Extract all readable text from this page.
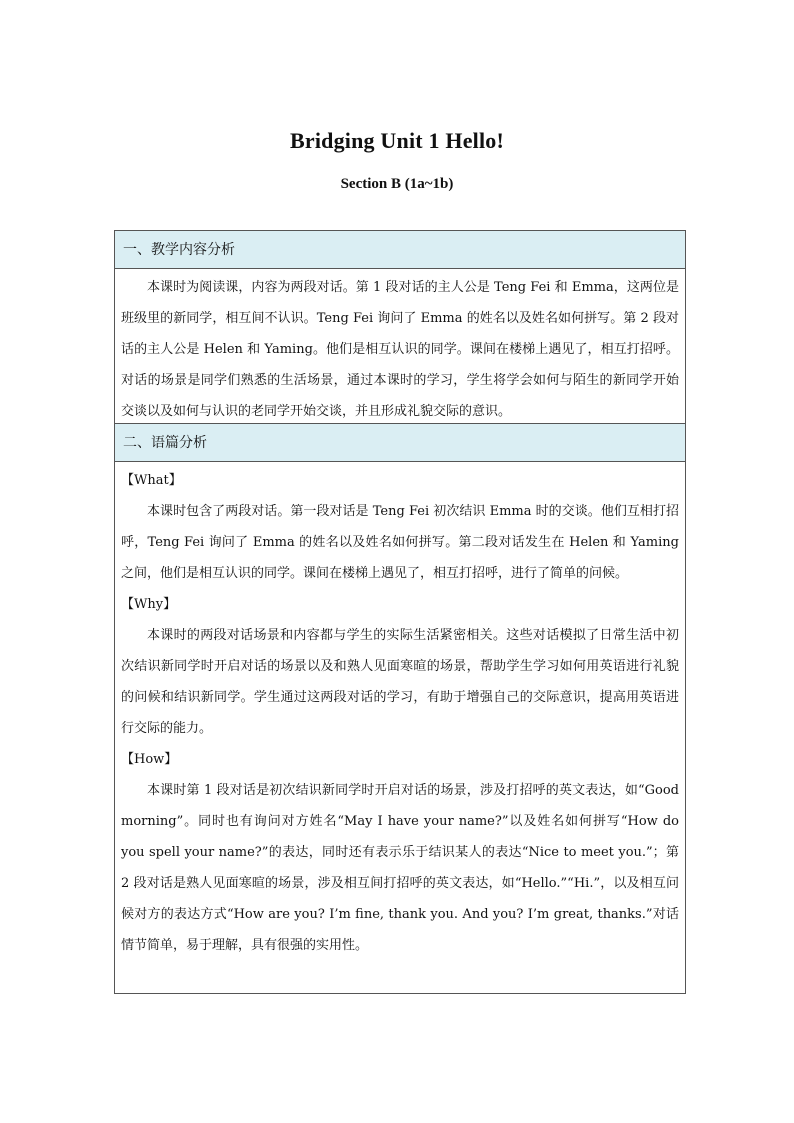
Bridging Unit 1 Hello!
Section B (1a~1b)
一、教学内容分析

本课时为阅读课，内容为两段对话。第 1 段对话的主人公是 Teng Fei 和 Emma，这两位是班级里的新同学，相互间不认识。Teng Fei 询问了 Emma 的姓名以及姓名如何拼写。第 2 段对话的主人公是 Helen 和 Yaming。他们是相互认识的同学。课间在楼梯上遇见了，相互打招呼。对话的场景是同学们熟悉的生活场景，通过本课时的学习，学生将学会如何与陌生的新同学开始交谈以及如何与认识的老同学开始交谈，并且形成礼貌交际的意识。

二、语篇分析

【What】

本课时包含了两段对话。第一段对话是 Teng Fei 初次结识 Emma 时的交谈。他们互相打招呼，Teng Fei 询问了 Emma 的姓名以及姓名如何拼写。第二段对话发生在 Helen 和 Yaming 之间，他们是相互认识的同学。课间在楼梯上遇见了，相互打招呼，进行了简单的问候。

【Why】

本课时的两段对话场景和内容都与学生的实际生活紧密相关。这些对话模拟了日常生活中初次结识新同学时开启对话的场景以及和熟人见面寒暄的场景，帮助学生学习如何用英语进行礼貌的问候和结识新同学。学生通过这两段对话的学习，有助于增强自己的交际意识，提高用英语进行交际的能力。

【How】

本课时第 1 段对话是初次结识新同学时开启对话的场景，涉及打招呼的英文表达，如“Good morning”。同时也有询问对方姓名“May I have your name?”以及姓名如何拼写“How do you spell your name?”的表达，同时还有表示乐于结识某人的表达“Nice to meet you.”；第 2 段对话是熟人见面寒暄的场景，涉及相互间打招呼的英文表达，如“Hello.”“Hi.”，以及相互问候对方的表达方式“How are you? I’m fine, thank you. And you? I’m great, thanks.”对话情节简单，易于理解，具有很强的实用性。
